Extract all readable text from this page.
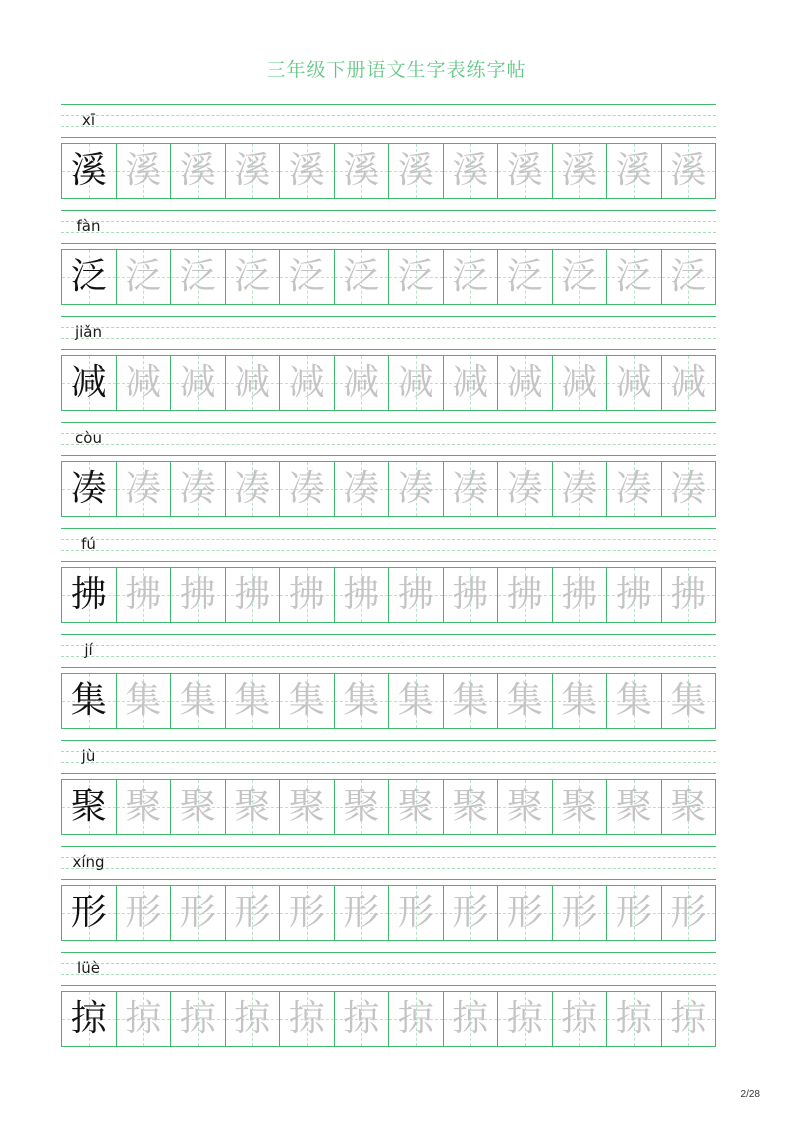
三年级下册语文生字表练字帖
xī
溪 溪 溪 溪 溪 溪 溪 溪 溪 溪 溪 溪
fàn
泛 泛 泛 泛 泛 泛 泛 泛 泛 泛 泛 泛
jiǎn
减 减 减 减 减 减 减 减 减 减 减 减
còu
凑 凑 凑 凑 凑 凑 凑 凑 凑 凑 凑 凑
fú
拂 拂 拂 拂 拂 拂 拂 拂 拂 拂 拂 拂
jí
集 集 集 集 集 集 集 集 集 集 集 集
jù
聚 聚 聚 聚 聚 聚 聚 聚 聚 聚 聚 聚
xíng
形 形 形 形 形 形 形 形 形 形 形 形
lüè
掠 掠 掠 掠 掠 掠 掠 掠 掠 掠 掠 掠
2/28
